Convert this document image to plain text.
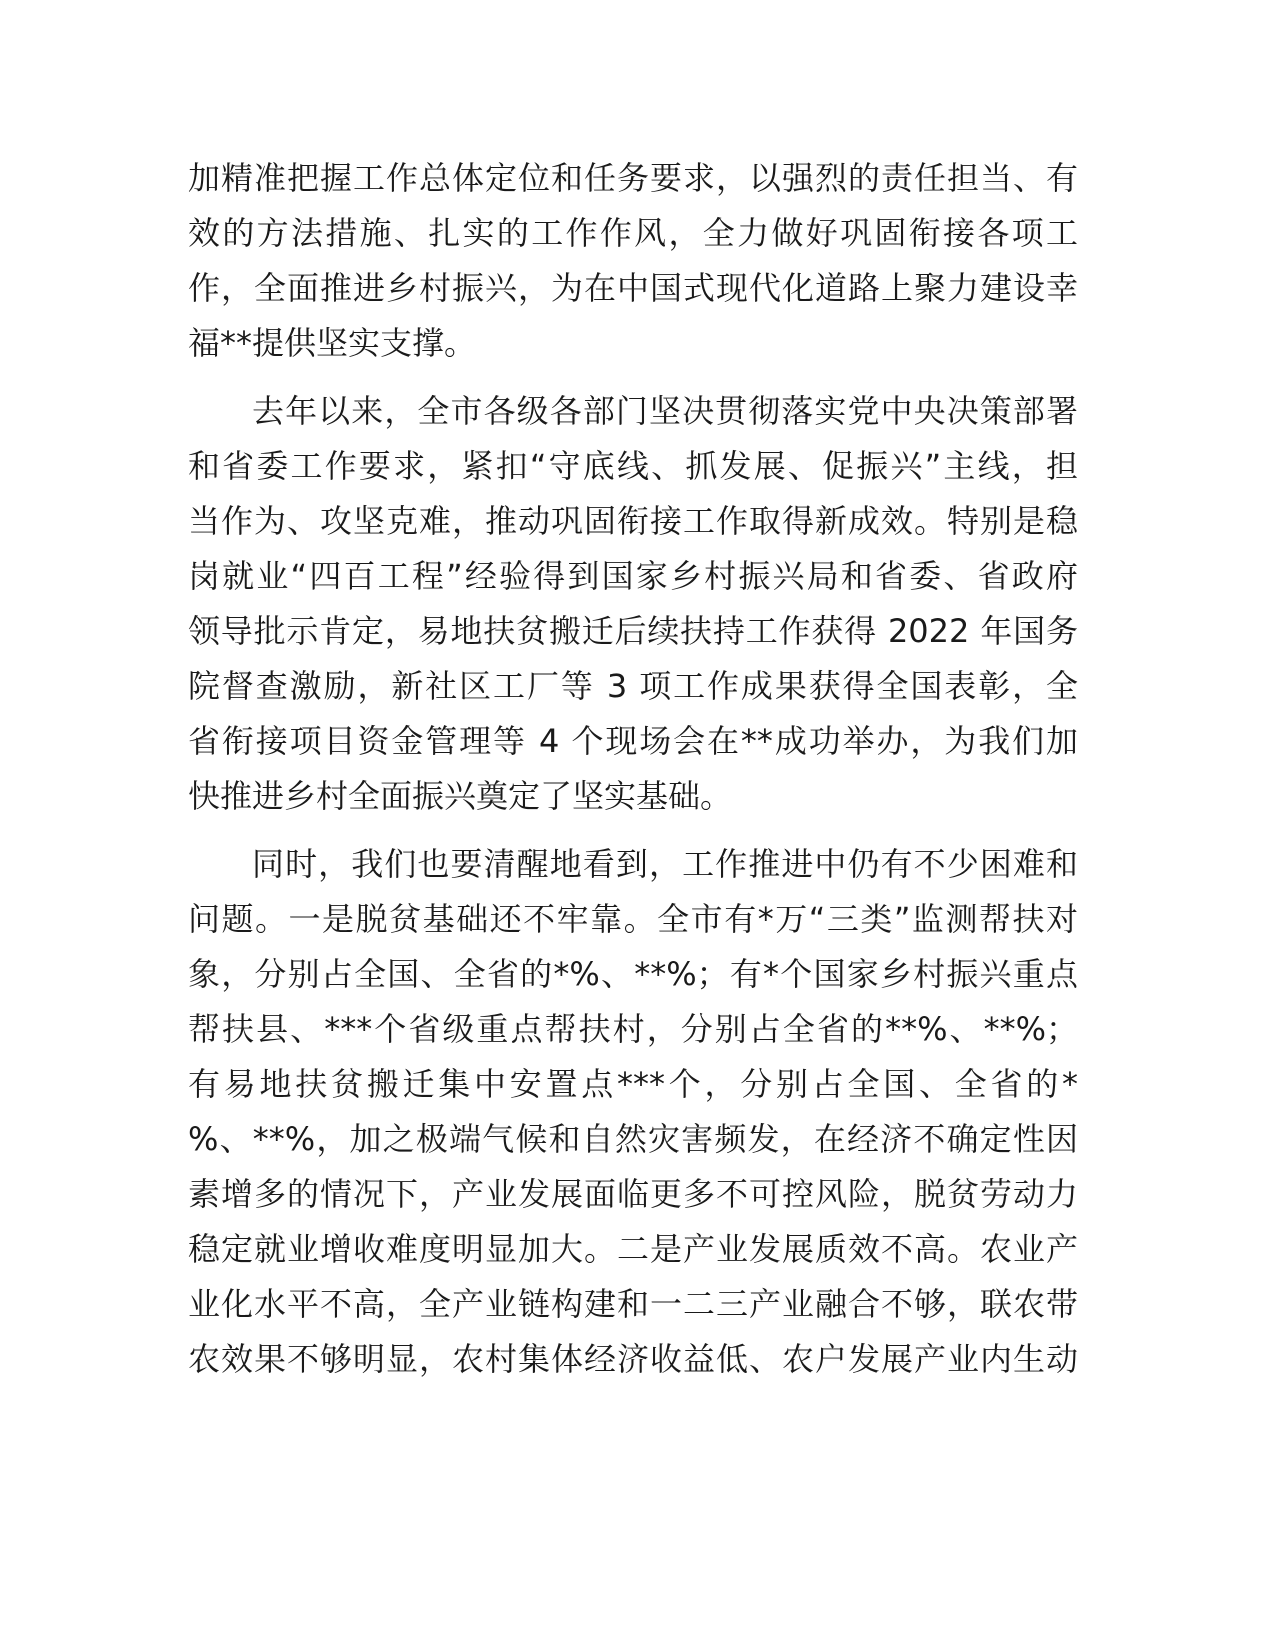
加精准把握工作总体定位和任务要求，以强烈的责任担当、有
效的方法措施、扎实的工作作风，全力做好巩固衔接各项工
作，全面推进乡村振兴，为在中国式现代化道路上聚力建设幸
福**提供坚实支撑。
去年以来，全市各级各部门坚决贯彻落实党中央决策部署
和省委工作要求，紧扣“守底线、抓发展、促振兴”主线，担
当作为、攻坚克难，推动巩固衔接工作取得新成效。特别是稳
岗就业“四百工程”经验得到国家乡村振兴局和省委、省政府
领导批示肯定，易地扶贫搬迁后续扶持工作获得 2022 年国务
院督查激励，新社区工厂等 3 项工作成果获得全国表彰，全
省衔接项目资金管理等 4 个现场会在**成功举办，为我们加
快推进乡村全面振兴奠定了坚实基础。
同时，我们也要清醒地看到，工作推进中仍有不少困难和
问题。一是脱贫基础还不牢靠。全市有*万“三类”监测帮扶对
象，分别占全国、全省的*%、**%；有*个国家乡村振兴重点
帮扶县、***个省级重点帮扶村，分别占全省的**%、**%；
有易地扶贫搬迁集中安置点***个，分别占全国、全省的*
%、**%，加之极端气候和自然灾害频发，在经济不确定性因
素增多的情况下，产业发展面临更多不可控风险，脱贫劳动力
稳定就业增收难度明显加大。二是产业发展质效不高。农业产
业化水平不高，全产业链构建和一二三产业融合不够，联农带
农效果不够明显，农村集体经济收益低、农户发展产业内生动
